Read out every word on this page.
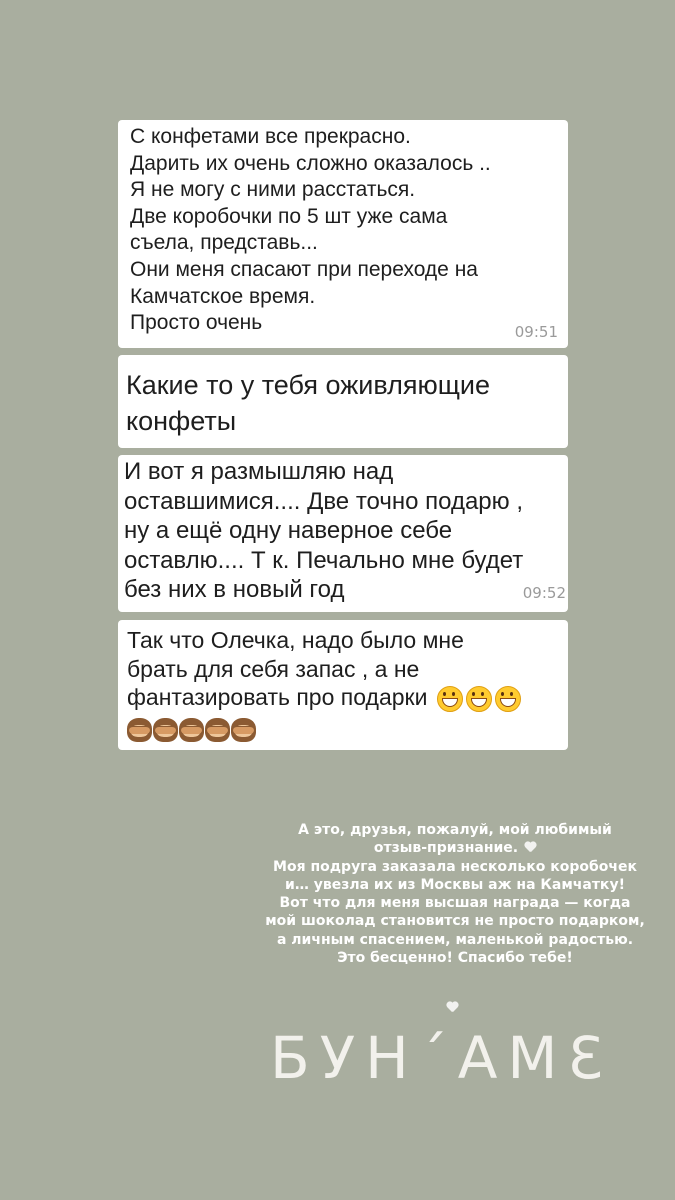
С конфетами все прекрасно.
Дарить их очень сложно оказалось ..
Я не могу с ними расстаться.
Две коробочки по 5 шт уже сама
съела, представь...
Они меня спасают при переходе на
Камчатское время.
Просто очень	09:51
Какие то у тебя оживляющие
конфеты
И вот я размышляю над
оставшимися.... Две точно подарю ,
ну а ещё одну наверное себе
оставлю.... Т к. Печально мне будет
без них в новый год	09:52
Так что Олечка, надо было мне
брать для себя запас , а не
фантазировать про подарки
А это, друзья, пожалуй, мой любимый
отзыв-признание.
Моя подруга заказала несколько коробочек
и… увезла их из Москвы аж на Камчатку!
Вот что для меня высшая награда — когда
мой шоколад становится не просто подарком,
а личным спасением, маленькой радостью.
Это бесценно! Спасибо тебе!
БУН´АМƐ
